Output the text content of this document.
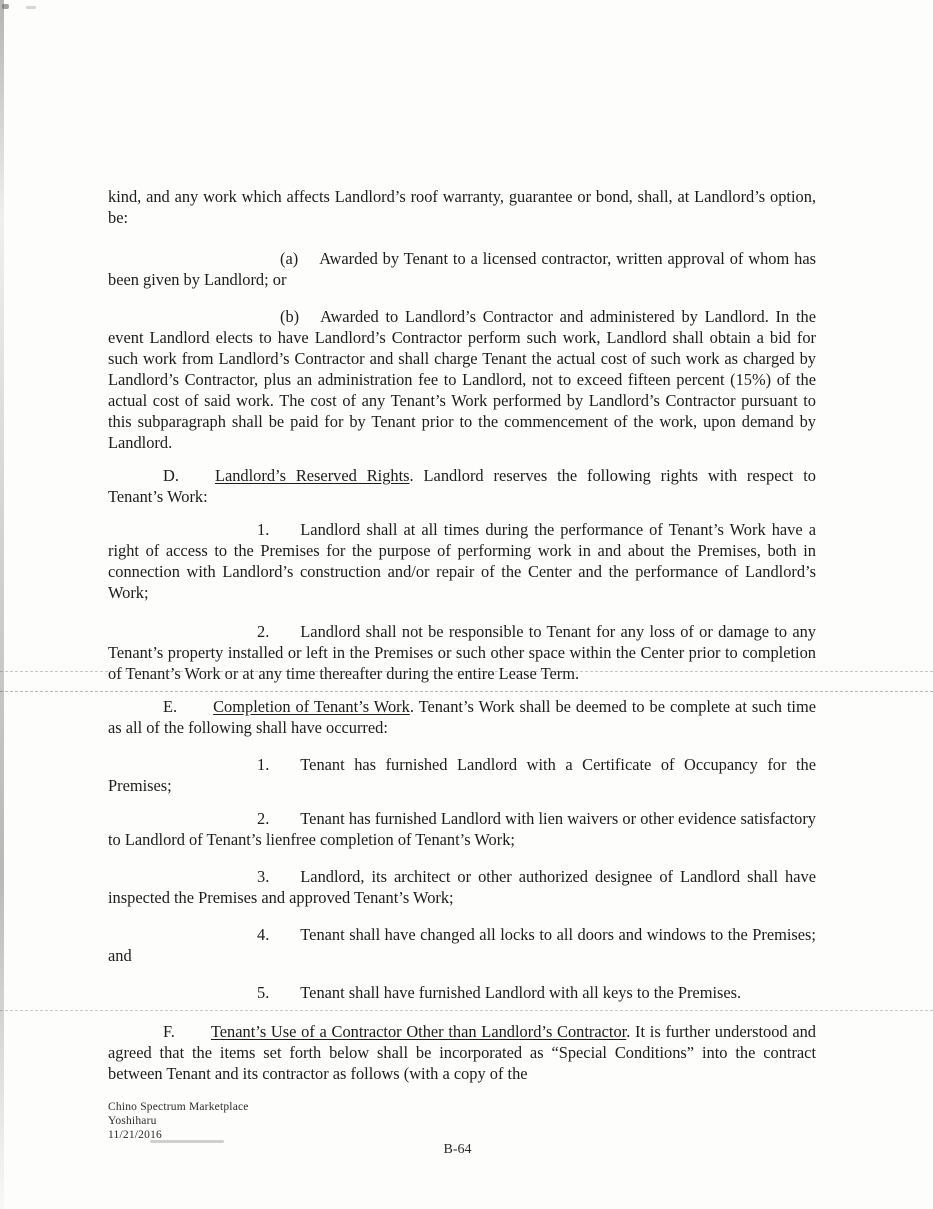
kind, and any work which affects Landlord’s roof warranty, guarantee or bond, shall, at Landlord’s option, be:

(a) Awarded by Tenant to a licensed contractor, written approval of whom has been given by Landlord; or

(b) Awarded to Landlord’s Contractor and administered by Landlord. In the event Landlord elects to have Landlord’s Contractor perform such work, Landlord shall obtain a bid for such work from Landlord’s Contractor and shall charge Tenant the actual cost of such work as charged by Landlord’s Contractor, plus an administration fee to Landlord, not to exceed fifteen percent (15%) of the actual cost of said work. The cost of any Tenant’s Work performed by Landlord’s Contractor pursuant to this subparagraph shall be paid for by Tenant prior to the commencement of the work, upon demand by Landlord.

D. Landlord’s Reserved Rights. Landlord reserves the following rights with respect to Tenant’s Work:

1. Landlord shall at all times during the performance of Tenant’s Work have a right of access to the Premises for the purpose of performing work in and about the Premises, both in connection with Landlord’s construction and/or repair of the Center and the performance of Landlord’s Work;

2. Landlord shall not be responsible to Tenant for any loss of or damage to any Tenant’s property installed or left in the Premises or such other space within the Center prior to completion of Tenant’s Work or at any time thereafter during the entire Lease Term.

E. Completion of Tenant’s Work. Tenant’s Work shall be deemed to be complete at such time as all of the following shall have occurred:

1. Tenant has furnished Landlord with a Certificate of Occupancy for the Premises;

2. Tenant has furnished Landlord with lien waivers or other evidence satisfactory to Landlord of Tenant’s lienfree completion of Tenant’s Work;

3. Landlord, its architect or other authorized designee of Landlord shall have inspected the Premises and approved Tenant’s Work;

4. Tenant shall have changed all locks to all doors and windows to the Premises; and

5. Tenant shall have furnished Landlord with all keys to the Premises.

F. Tenant’s Use of a Contractor Other than Landlord’s Contractor. It is further understood and agreed that the items set forth below shall be incorporated as “Special Conditions” into the contract between Tenant and its contractor as follows (with a copy of the

Chino Spectrum Marketplace
Yoshiharu
11/21/2016
B-64
